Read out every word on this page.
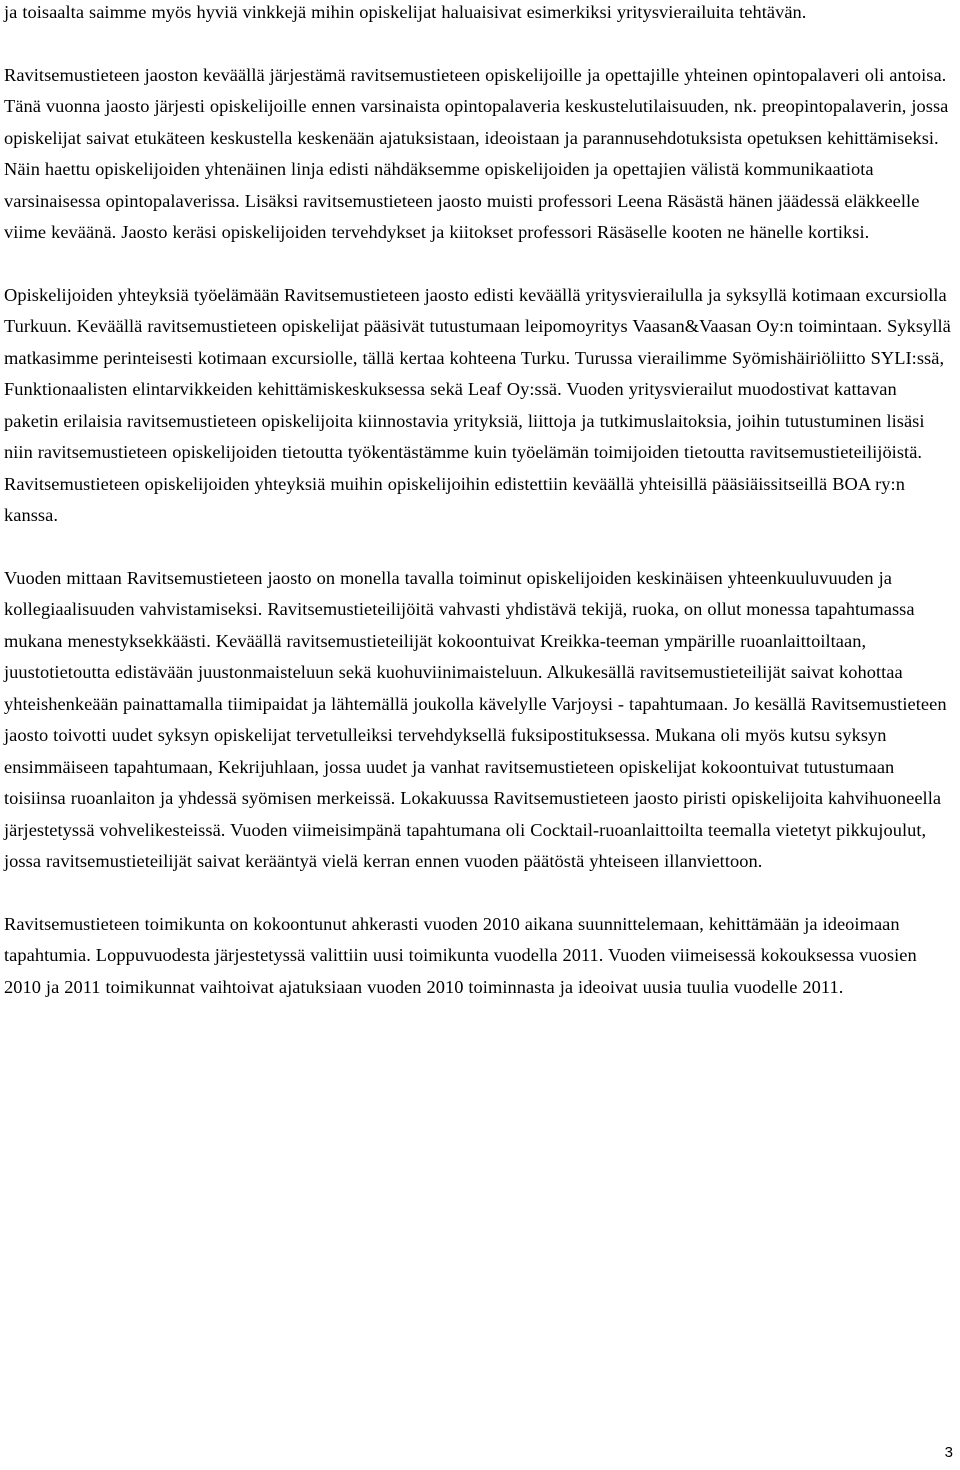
ja toisaalta saimme myös hyviä vinkkejä mihin opiskelijat haluaisivat esimerkiksi yritysvierailuita tehtävän.

Ravitsemustieteen jaoston keväällä järjestämä ravitsemustieteen opiskelijoille ja opettajille yhteinen opintopalaveri oli antoisa. Tänä vuonna jaosto järjesti opiskelijoille ennen varsinaista opintopalaveria keskustelutilaisuuden, nk. preopintopalaverin, jossa opiskelijat saivat etukäteen keskustella keskenään ajatuksistaan, ideoistaan ja parannusehdotuksista opetuksen kehittämiseksi. Näin haettu opiskelijoiden yhtenäinen linja edisti nähdäksemme opiskelijoiden ja opettajien välistä kommunikaatiota varsinaisessa opintopalaverissa. Lisäksi ravitsemustieteen jaosto muisti professori Leena Räsästä hänen jäädessä eläkkeelle viime keväänä. Jaosto keräsi opiskelijoiden tervehdykset ja kiitokset professori Räsäselle kooten ne hänelle kortiksi.

Opiskelijoiden yhteyksiä työelämään Ravitsemustieteen jaosto edisti keväällä yritysvierailulla ja syksyllä kotimaan excursiolla Turkuun. Keväällä ravitsemustieteen opiskelijat pääsivät tutustumaan leipomoyritys Vaasan&Vaasan Oy:n toimintaan. Syksyllä matkasimme perinteisesti kotimaan excursiolle, tällä kertaa kohteena Turku. Turussa vierailimme Syömishäiriöliitto SYLI:ssä, Funktionaalisten elintarvikkeiden kehittämiskeskuksessa sekä Leaf Oy:ssä. Vuoden yritysvierailut muodostivat kattavan paketin erilaisia ravitsemustieteen opiskelijoita kiinnostavia yrityksiä, liittoja ja tutkimuslaitoksia, joihin tutustuminen lisäsi niin ravitsemustieteen opiskelijoiden tietoutta työkentästämme kuin työelämän toimijoiden tietoutta ravitsemustieteilijöistä. Ravitsemustieteen opiskelijoiden yhteyksiä muihin opiskelijoihin edistettiin keväällä yhteisillä pääsiäissitseillä BOA ry:n kanssa.

Vuoden mittaan Ravitsemustieteen jaosto on monella tavalla toiminut opiskelijoiden keskinäisen yhteenkuuluvuuden ja kollegiaalisuuden vahvistamiseksi. Ravitsemustieteilijöitä vahvasti yhdistävä tekijä, ruoka, on ollut monessa tapahtumassa mukana menestyksekkäästi. Keväällä ravitsemustieteilijät kokoontuivat Kreikka-teeman ympärille ruoanlaittoiltaan, juustotietoutta edistävään juustonmaisteluun sekä kuohuviinimaisteluun. Alkukesällä ravitsemustieteilijät saivat kohottaa yhteishenkeään painattamalla tiimipaidat ja lähtemällä joukolla kävelylle Varjoysi - tapahtumaan. Jo kesällä Ravitsemustieteen jaosto toivotti uudet syksyn opiskelijat tervetulleiksi tervehdyksellä fuksipostituksessa. Mukana oli myös kutsu syksyn ensimmäiseen tapahtumaan, Kekrijuhlaan, jossa uudet ja vanhat ravitsemustieteen opiskelijat kokoontuivat tutustumaan toisiinsa ruoanlaiton ja yhdessä syömisen merkeissä. Lokakuussa Ravitsemustieteen jaosto piristi opiskelijoita kahvihuoneella järjestetyssä vohvelikesteissä. Vuoden viimeisimpänä tapahtumana oli Cocktail-ruoanlaittoilta teemalla vietetyt pikkujoulut, jossa ravitsemustieteilijät saivat kerääntyä vielä kerran ennen vuoden päätöstä yhteiseen illanviettoon.

Ravitsemustieteen toimikunta on kokoontunut ahkerasti vuoden 2010 aikana suunnittelemaan, kehittämään ja ideoimaan tapahtumia. Loppuvuodesta järjestetyssä valittiin uusi toimikunta vuodella 2011. Vuoden viimeisessä kokouksessa vuosien 2010 ja 2011 toimikunnat vaihtoivat ajatuksiaan vuoden 2010 toiminnasta ja ideoivat uusia tuulia vuodelle 2011.

3
